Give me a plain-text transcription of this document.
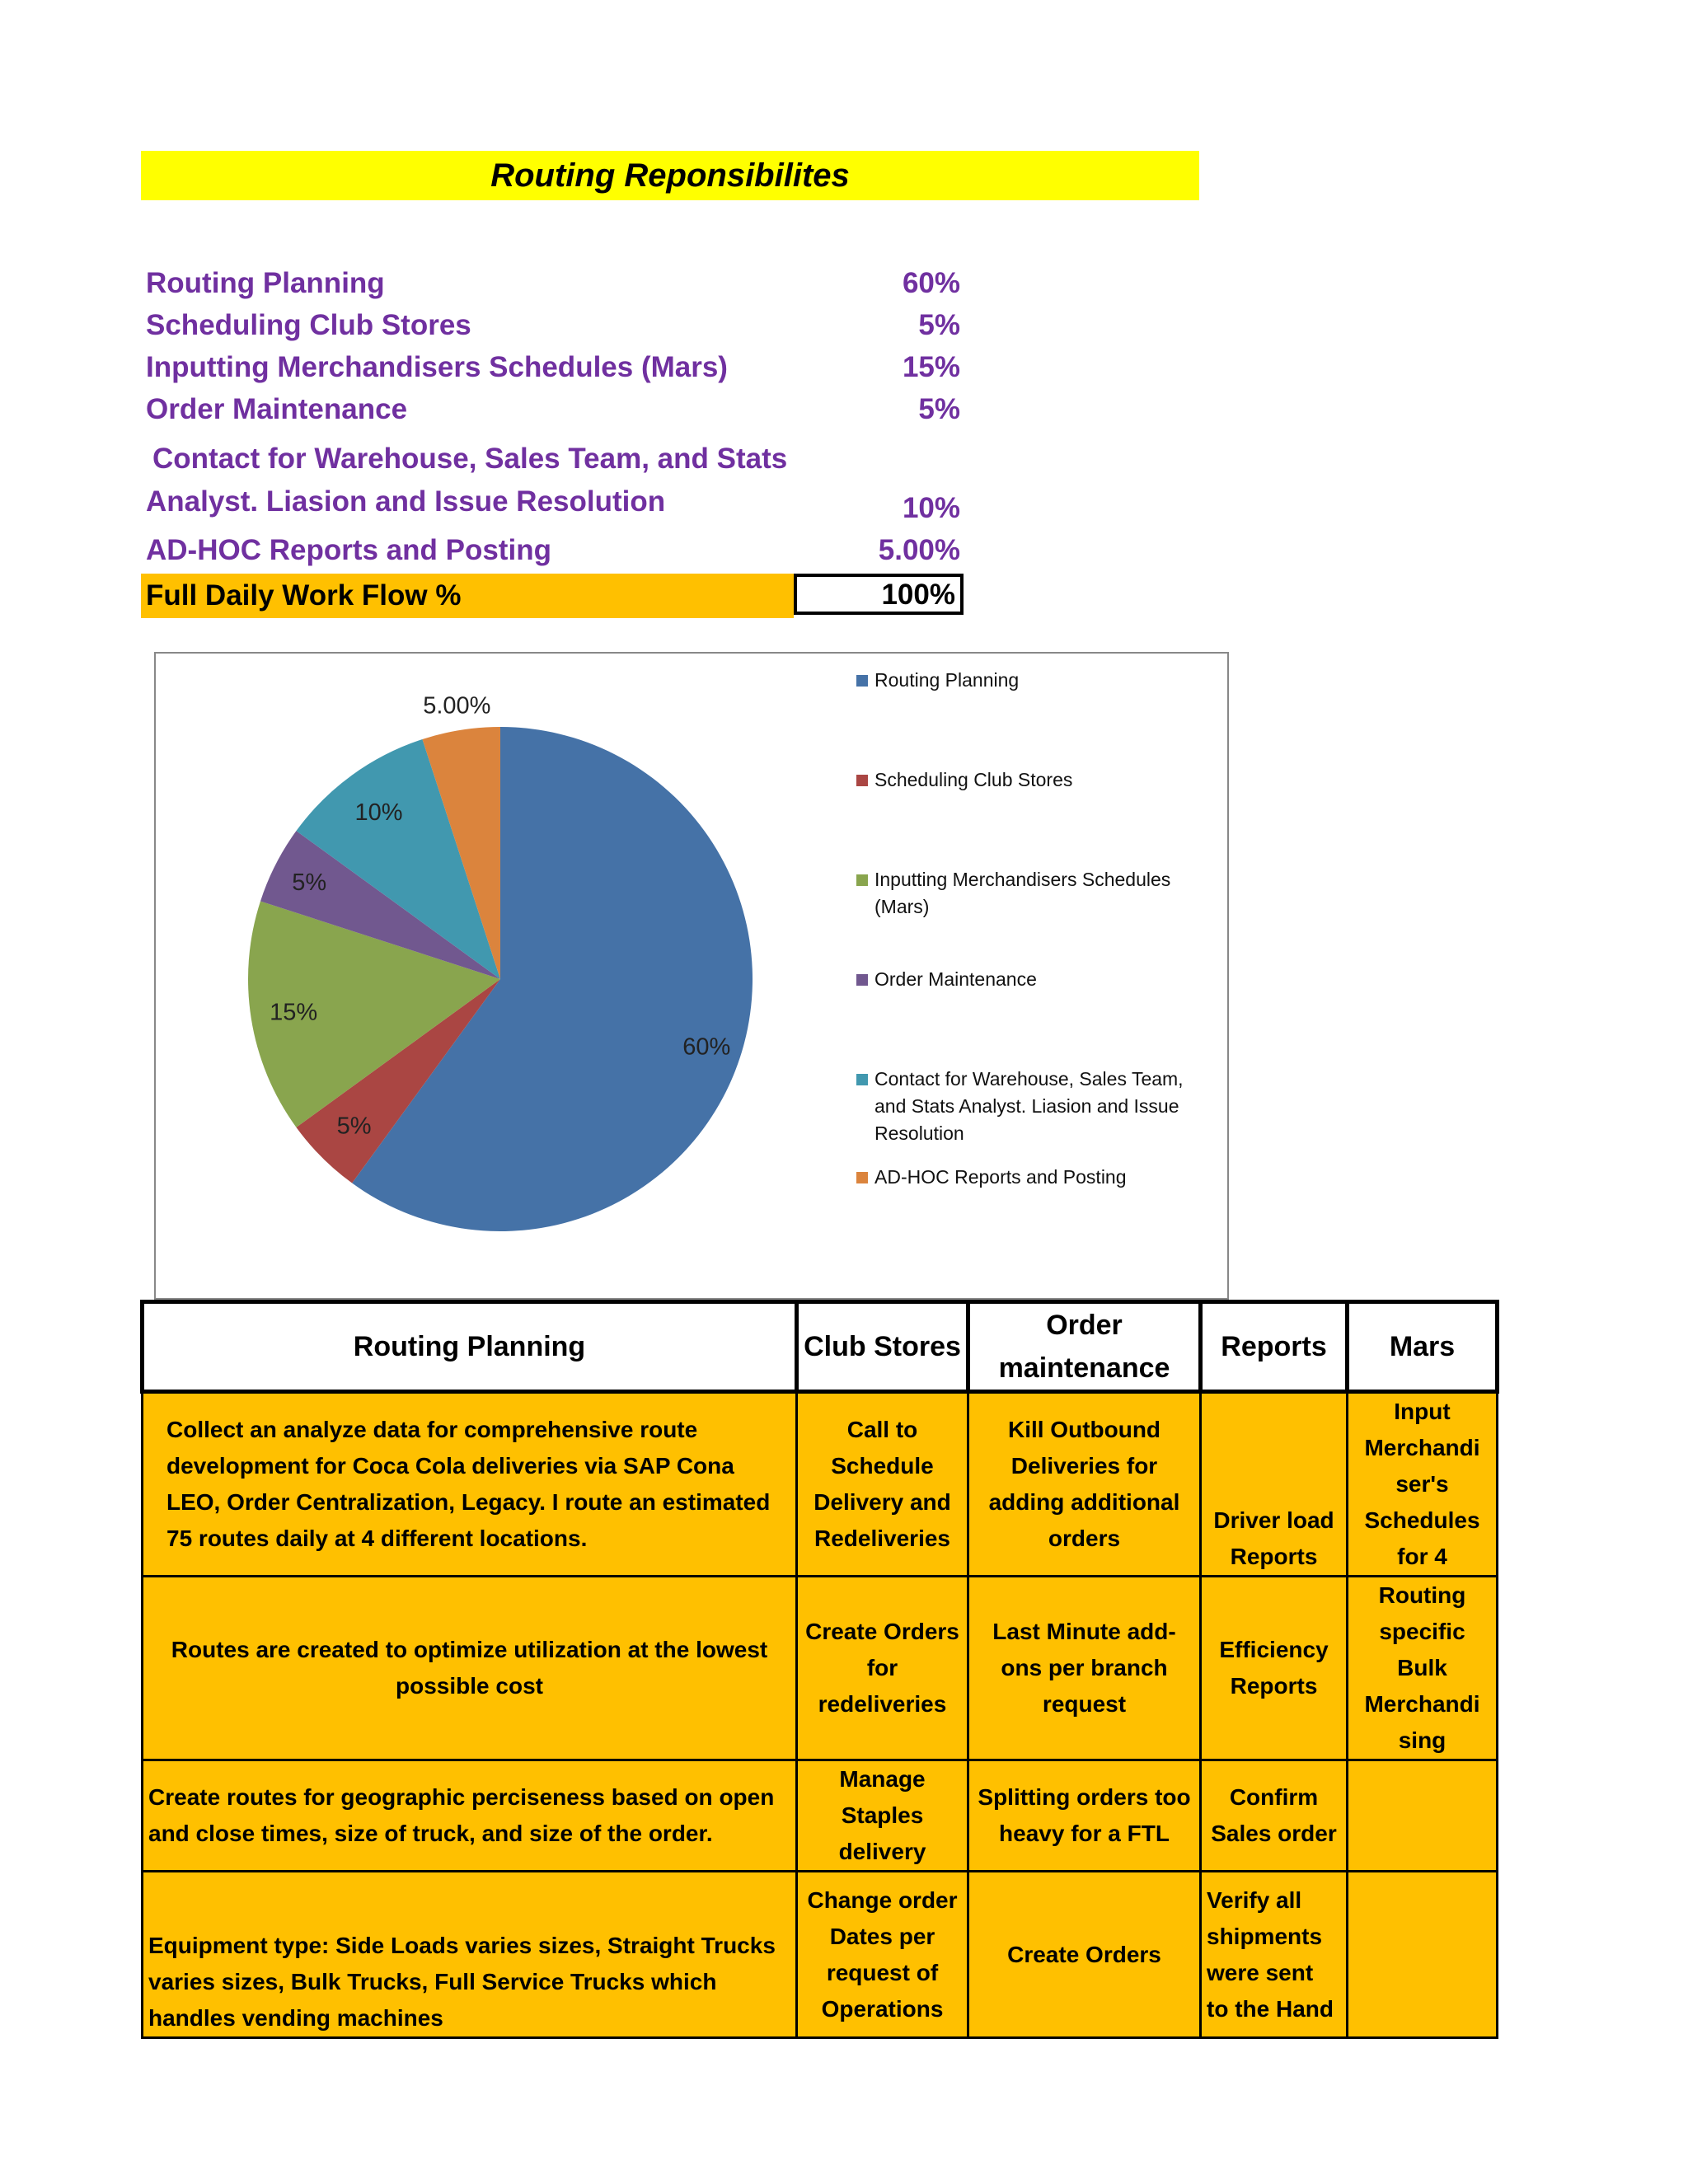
Routing Reponsibilites
Routing Planning	60%
Scheduling Club Stores	5%
Inputting Merchandisers Schedules (Mars)	15%
Order Maintenance	5%
Contact for Warehouse, Sales Team, and Stats
Analyst. Liasion and Issue Resolution	10%
AD-HOC Reports and Posting	5.00%
Full Daily Work Flow %	100%
60%
5%
15%
5%
10%
5.00%
Routing Planning
Scheduling Club Stores
Inputting Merchandisers Schedules
(Mars)
Order Maintenance
Contact for Warehouse, Sales Team,
and Stats Analyst. Liasion and Issue
Resolution
AD-HOC Reports and Posting
Routing Planning	Club Stores	Order maintenance	Reports	Mars
Collect an analyze data for comprehensive route development for Coca Cola deliveries via SAP Cona LEO, Order Centralization, Legacy. I route an estimated 75 routes daily at 4 different locations.	Call to Schedule Delivery and Redeliveries	Kill Outbound Deliveries for adding additional orders	Driver load Reports	Input Merchandi ser's Schedules for 4
Routes are created to optimize utilization at the lowest possible cost	Create Orders for redeliveries	Last Minute add-ons per branch request	Efficiency Reports	Routing specific Bulk Merchandi sing
Create routes for geographic perciseness based on open and close times, size of truck, and size of the order.	Manage Staples delivery	Splitting orders too heavy for a FTL	Confirm Sales order	
Equipment type: Side Loads varies sizes, Straight Trucks varies sizes, Bulk Trucks, Full Service Trucks which handles vending machines	Change order Dates per request of Operations	Create Orders	Verify all shipments were sent to the Hand	
